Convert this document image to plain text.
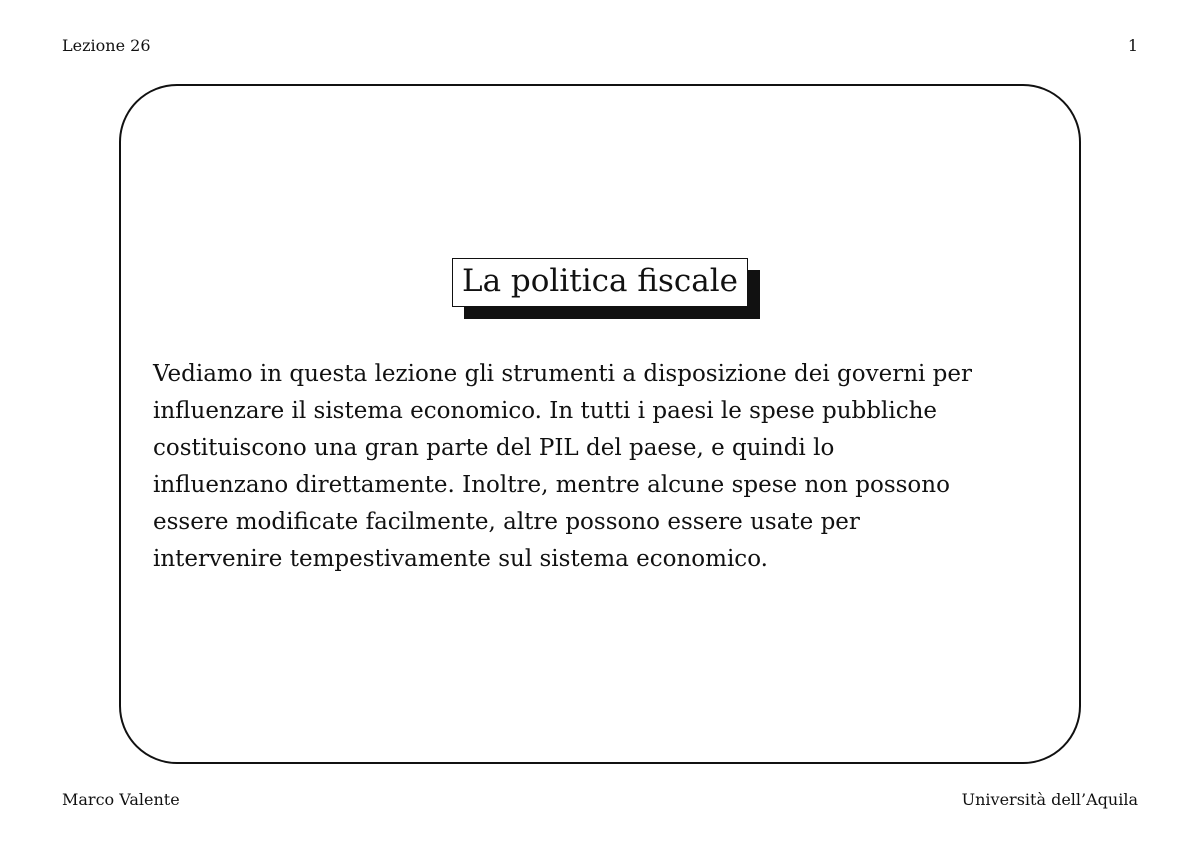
Lezione 26	1
La politica fiscale

Vediamo in questa lezione gli strumenti a disposizione dei governi per
influenzare il sistema economico. In tutti i paesi le spese pubbliche
costituiscono una gran parte del PIL del paese, e quindi lo
influenzano direttamente. Inoltre, mentre alcune spese non possono
essere modificate facilmente, altre possono essere usate per
intervenire tempestivamente sul sistema economico.

Marco Valente	Università dell’Aquila
